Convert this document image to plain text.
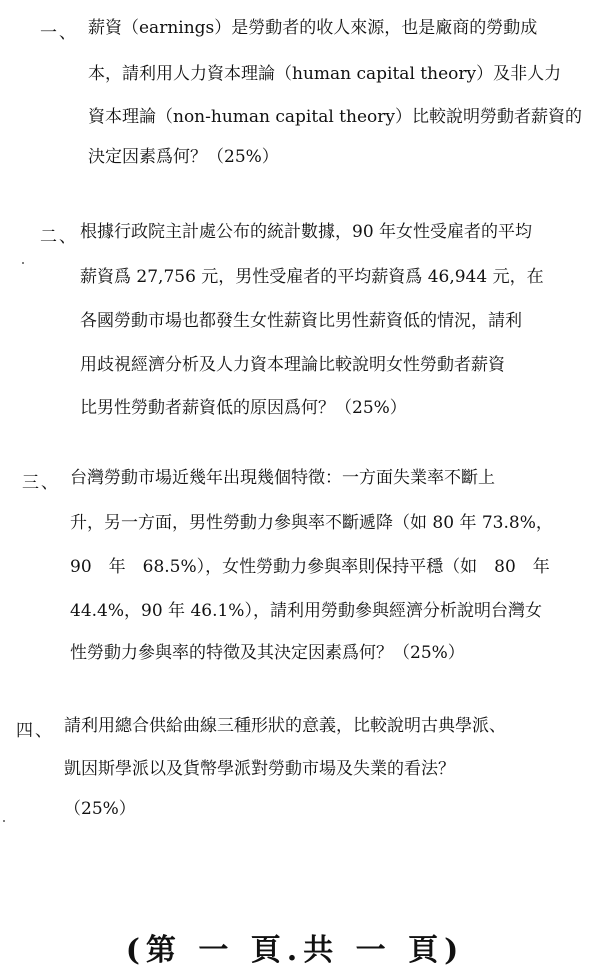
一、 薪資（earnings）是勞動者的收人來源，也是廠商的勞動成
本，請利用人力資本理論（human capital theory）及非人力
資本理論（non-human capital theory）比較說明勞動者薪資的
決定因素爲何？（25%）
二、 根據行政院主計處公布的統計數據，90 年女性受雇者的平均
薪資爲 27,756 元，男性受雇者的平均薪資爲 46,944 元，在
各國勞動市場也都發生女性薪資比男性薪資低的情況，請利
用歧視經濟分析及人力資本理論比較說明女性勞動者薪資
比男性勞動者薪資低的原因爲何？（25%）
三、 台灣勞動市場近幾年出現幾個特徵：一方面失業率不斷上
升，另一方面，男性勞動力參與率不斷遞降（如 80 年 73.8%，
90　年　68.5%），女性勞動力參與率則保持平穩（如　80　年
44.4%，90 年 46.1%），請利用勞動參與經濟分析說明台灣女
性勞動力參與率的特徵及其決定因素爲何？（25%）
四、 請利用總合供給曲線三種形狀的意義，比較說明古典學派、
凱因斯學派以及貨幣學派對勞動市場及失業的看法？
（25%）
(第 一 頁.共 一 頁)
